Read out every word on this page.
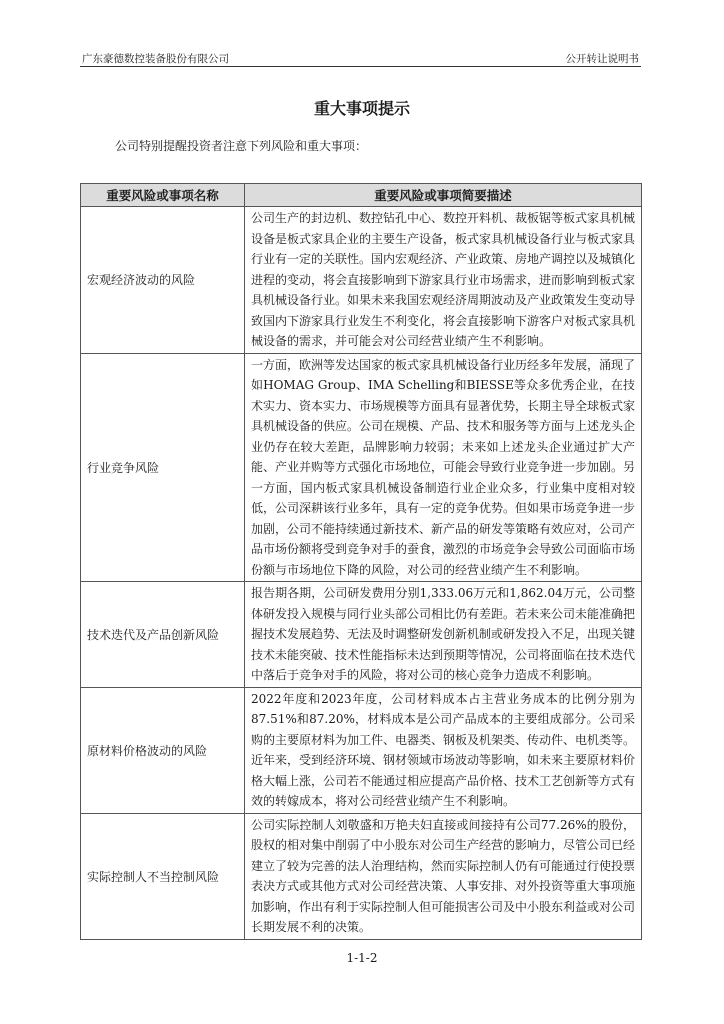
广东豪德数控装备股份有限公司	公开转让说明书
重大事项提示
公司特别提醒投资者注意下列风险和重大事项：
重要风险或事项名称	重要风险或事项简要描述
宏观经济波动的风险	公司生产的封边机、数控钻孔中心、数控开料机、裁板锯等板式家具机械设备是板式家具企业的主要生产设备，板式家具机械设备行业与板式家具行业有一定的关联性。国内宏观经济、产业政策、房地产调控以及城镇化进程的变动，将会直接影响到下游家具行业市场需求，进而影响到板式家具机械设备行业。如果未来我国宏观经济周期波动及产业政策发生变动导致国内下游家具行业发生不利变化，将会直接影响下游客户对板式家具机械设备的需求，并可能会对公司经营业绩产生不利影响。
行业竞争风险	一方面，欧洲等发达国家的板式家具机械设备行业历经多年发展，涌现了如HOMAG Group、IMA Schelling和BIESSE等众多优秀企业，在技术实力、资本实力、市场规模等方面具有显著优势，长期主导全球板式家具机械设备的供应。公司在规模、产品、技术和服务等方面与上述龙头企业仍存在较大差距，品牌影响力较弱；未来如上述龙头企业通过扩大产能、产业并购等方式强化市场地位，可能会导致行业竞争进一步加剧。另一方面，国内板式家具机械设备制造行业企业众多，行业集中度相对较低，公司深耕该行业多年，具有一定的竞争优势。但如果市场竞争进一步加剧，公司不能持续通过新技术、新产品的研发等策略有效应对，公司产品市场份额将受到竞争对手的蚕食，激烈的市场竞争会导致公司面临市场份额与市场地位下降的风险，对公司的经营业绩产生不利影响。
技术迭代及产品创新风险	报告期各期，公司研发费用分别1,333.06万元和1,862.04万元，公司整体研发投入规模与同行业头部公司相比仍有差距。若未来公司未能准确把握技术发展趋势、无法及时调整研发创新机制或研发投入不足，出现关键技术未能突破、技术性能指标未达到预期等情况，公司将面临在技术迭代中落后于竞争对手的风险，将对公司的核心竞争力造成不利影响。
原材料价格波动的风险	2022年度和2023年度，公司材料成本占主营业务成本的比例分别为87.51%和87.20%，材料成本是公司产品成本的主要组成部分。公司采购的主要原材料为加工件、电器类、钢板及机架类、传动件、电机类等。近年来，受到经济环境、钢材领域市场波动等影响，如未来主要原材料价格大幅上涨，公司若不能通过相应提高产品价格、技术工艺创新等方式有效的转嫁成本，将对公司经营业绩产生不利影响。
实际控制人不当控制风险	公司实际控制人刘敬盛和万艳夫妇直接或间接持有公司77.26%的股份，股权的相对集中削弱了中小股东对公司生产经营的影响力，尽管公司已经建立了较为完善的法人治理结构，然而实际控制人仍有可能通过行使投票表决方式或其他方式对公司经营决策、人事安排、对外投资等重大事项施加影响，作出有利于实际控制人但可能损害公司及中小股东利益或对公司长期发展不利的决策。
1-1-2
